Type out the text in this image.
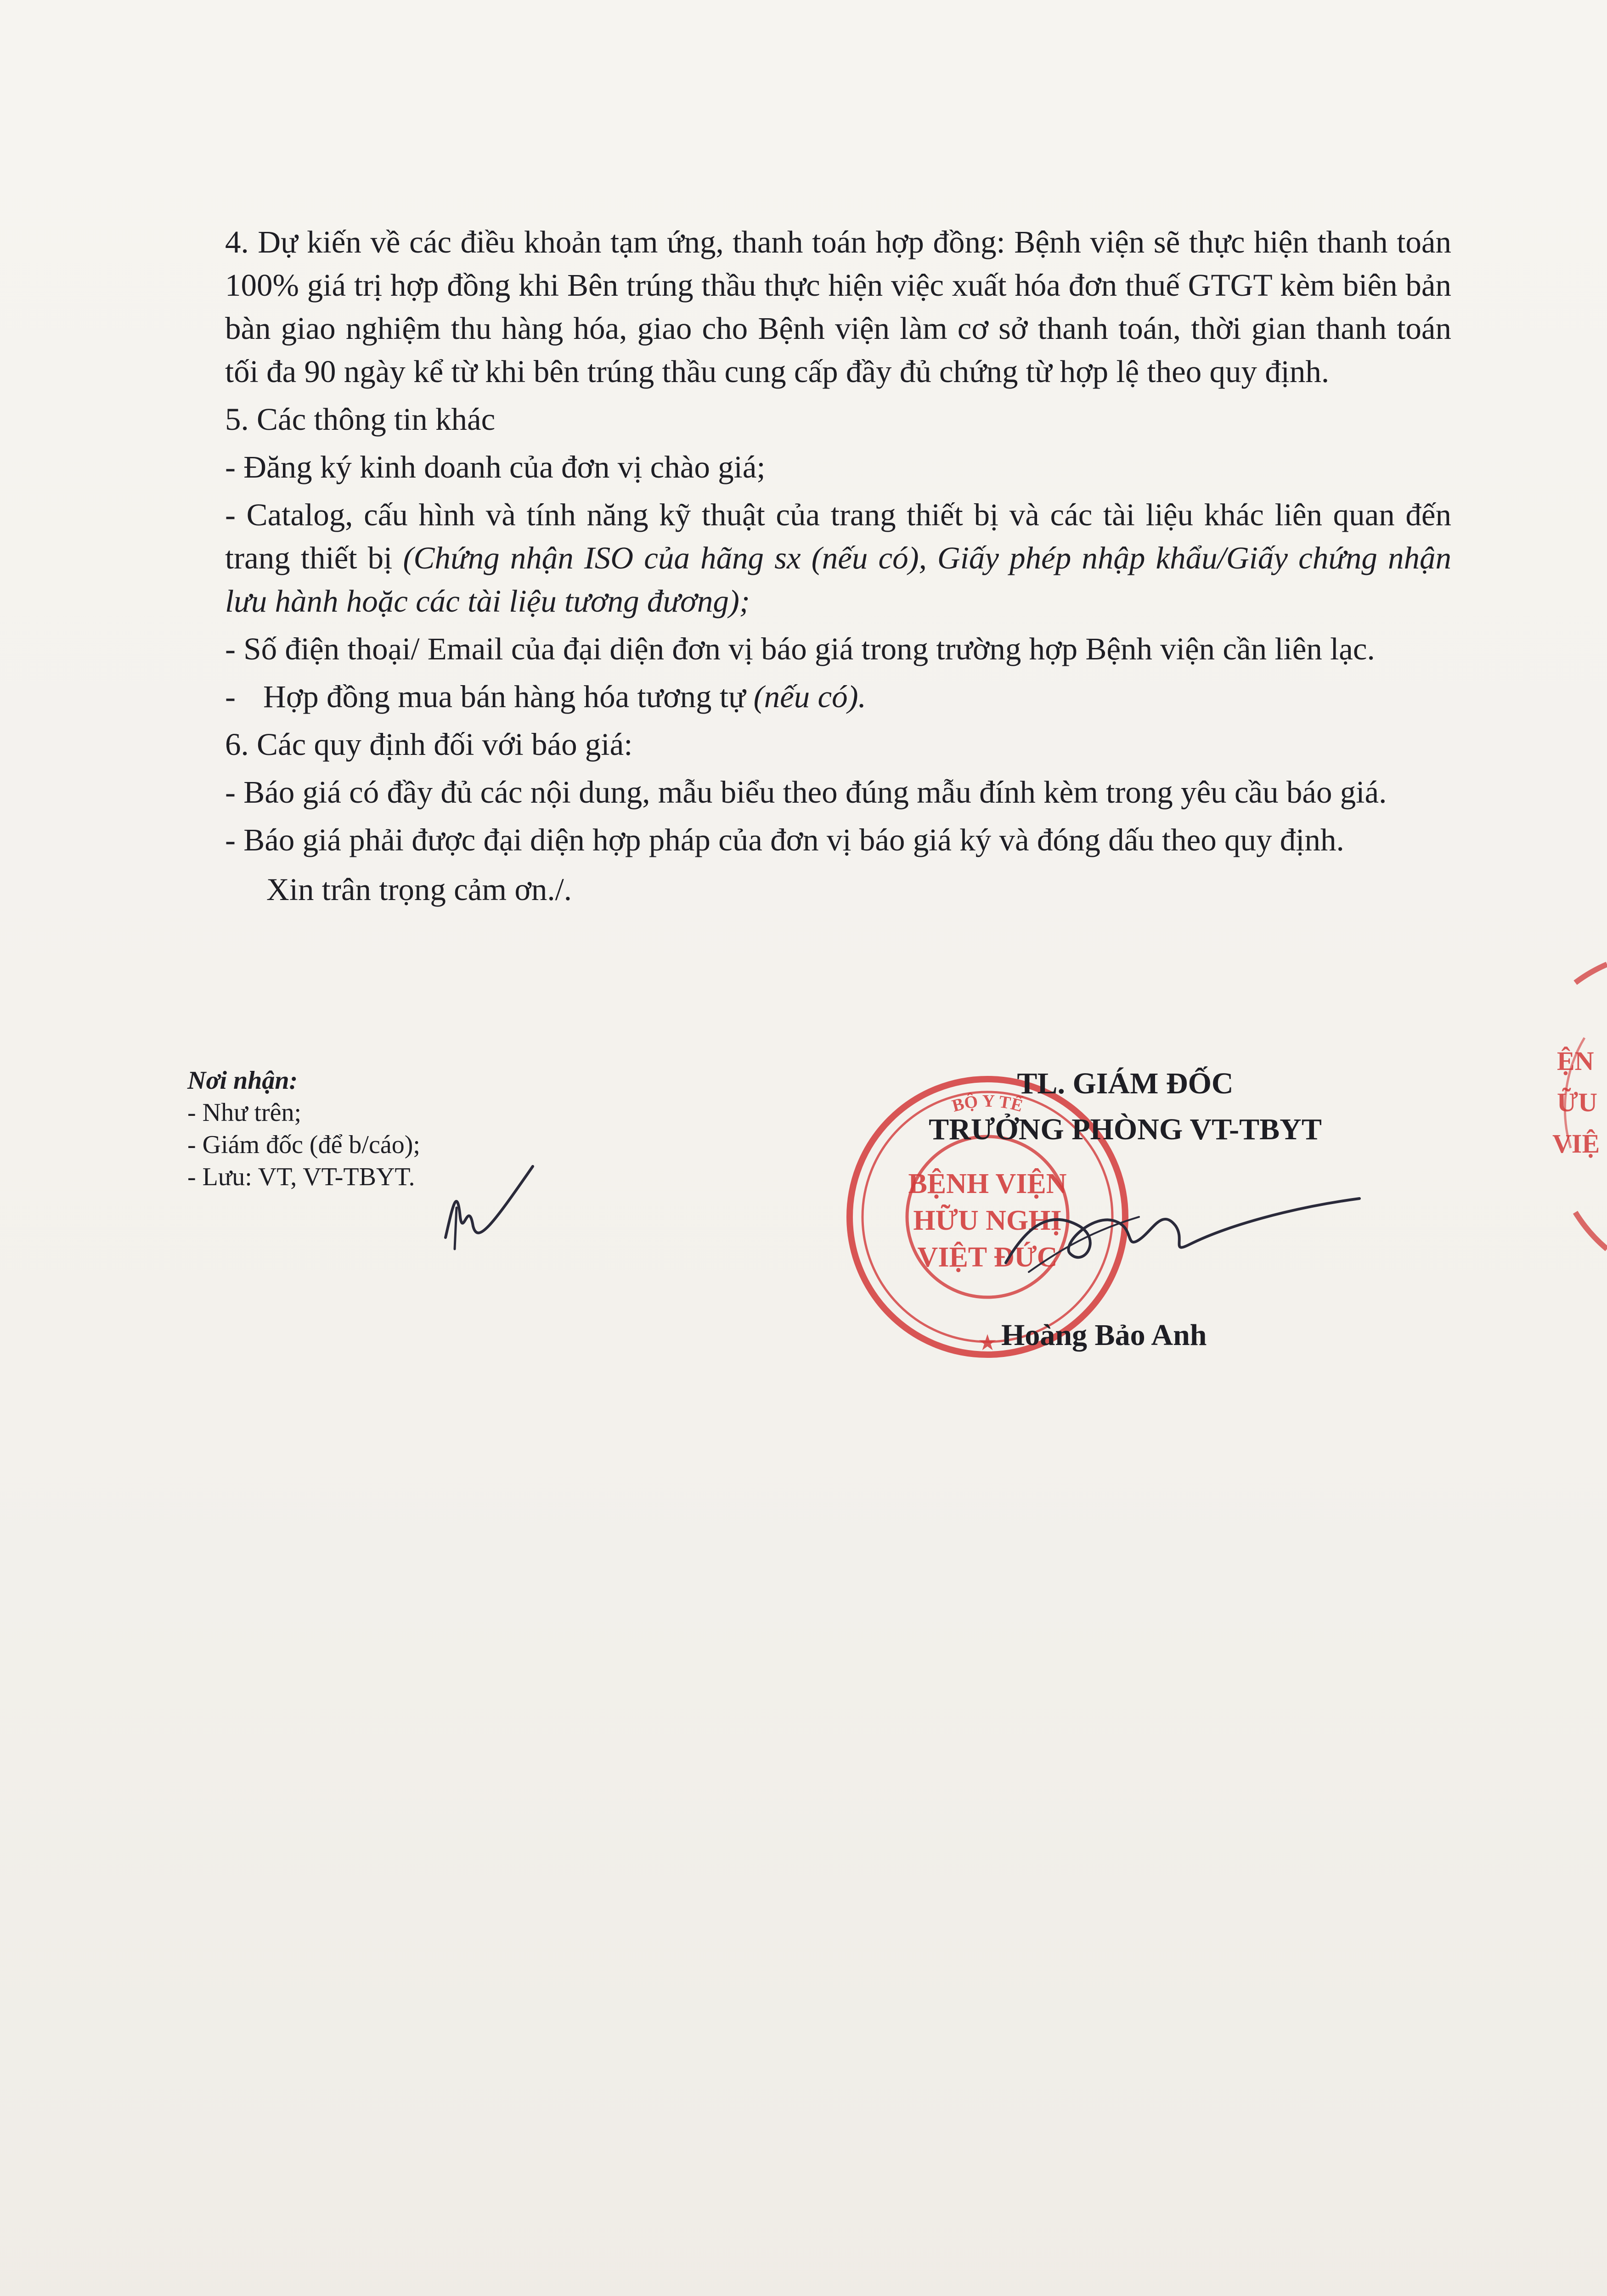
4. Dự kiến về các điều khoản tạm ứng, thanh toán hợp đồng: Bệnh viện sẽ thực hiện thanh toán 100% giá trị hợp đồng khi Bên trúng thầu thực hiện việc xuất hóa đơn thuế GTGT kèm biên bản bàn giao nghiệm thu hàng hóa, giao cho Bệnh viện làm cơ sở thanh toán, thời gian thanh toán tối đa 90 ngày kể từ khi bên trúng thầu cung cấp đầy đủ chứng từ hợp lệ theo quy định.

5. Các thông tin khác

- Đăng ký kinh doanh của đơn vị chào giá;

- Catalog, cấu hình và tính năng kỹ thuật của trang thiết bị và các tài liệu khác liên quan đến trang thiết bị (Chứng nhận ISO của hãng sx (nếu có), Giấy phép nhập khẩu/Giấy chứng nhận lưu hành hoặc các tài liệu tương đương);

- Số điện thoại/ Email của đại diện đơn vị báo giá trong trường hợp Bệnh viện cần liên lạc.

- Hợp đồng mua bán hàng hóa tương tự (nếu có).

6. Các quy định đối với báo giá:

- Báo giá có đầy đủ các nội dung, mẫu biểu theo đúng mẫu đính kèm trong yêu cầu báo giá.

- Báo giá phải được đại diện hợp pháp của đơn vị báo giá ký và đóng dấu theo quy định.

Xin trân trọng cảm ơn./.

Nơi nhận:
- Như trên;
- Giám đốc (để b/cáo);
- Lưu: VT, VT-TBYT.
BỘ Y TẾ
BỆNH VIỆN
HỮU NGHỊ
VIỆT ĐỨC
★
TL. GIÁM ĐỐC
TRƯỞNG PHÒNG VT-TBYT
Hoàng Bảo Anh
ỆN
ỮU
VIỆ
